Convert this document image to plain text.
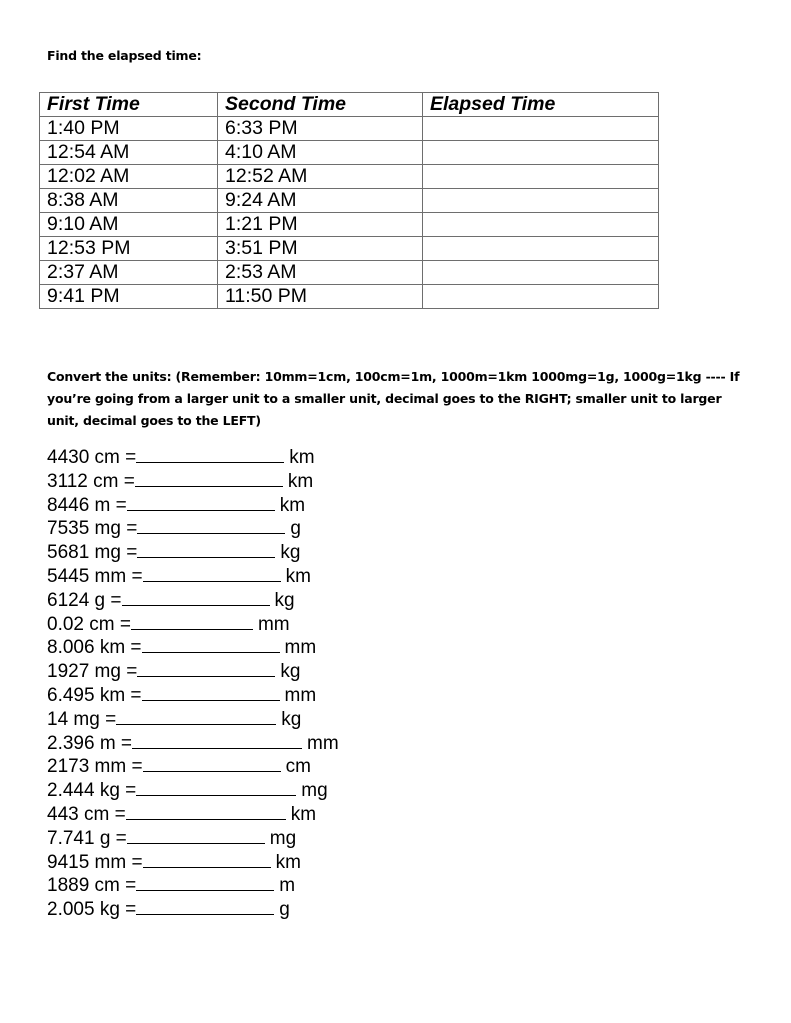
Find the elapsed time:
First Time	Second Time	Elapsed Time
1:40 PM	6:33 PM	
12:54 AM	4:10 AM	
12:02 AM	12:52 AM	
8:38 AM	9:24 AM	
9:10 AM	1:21 PM	
12:53 PM	3:51 PM	
2:37 AM	2:53 AM	
9:41 PM	11:50 PM	
Convert the units: (Remember: 10mm=1cm, 100cm=1m, 1000m=1km 1000mg=1g, 1000g=1kg ---- If you’re going from a larger unit to a smaller unit, decimal goes to the RIGHT; smaller unit to larger unit, decimal goes to the LEFT)
4430 cm =	km
3112 cm =	km
8446 m =	km
7535 mg =	g
5681 mg =	kg
5445 mm =	km
6124 g =	kg
0.02 cm =	mm
8.006 km =	mm
1927 mg =	kg
6.495 km =	mm
14 mg =	kg
2.396 m =	mm
2173 mm =	cm
2.444 kg =	mg
443 cm =	km
7.741 g =	mg
9415 mm =	km
1889 cm =	m
2.005 kg =	g
